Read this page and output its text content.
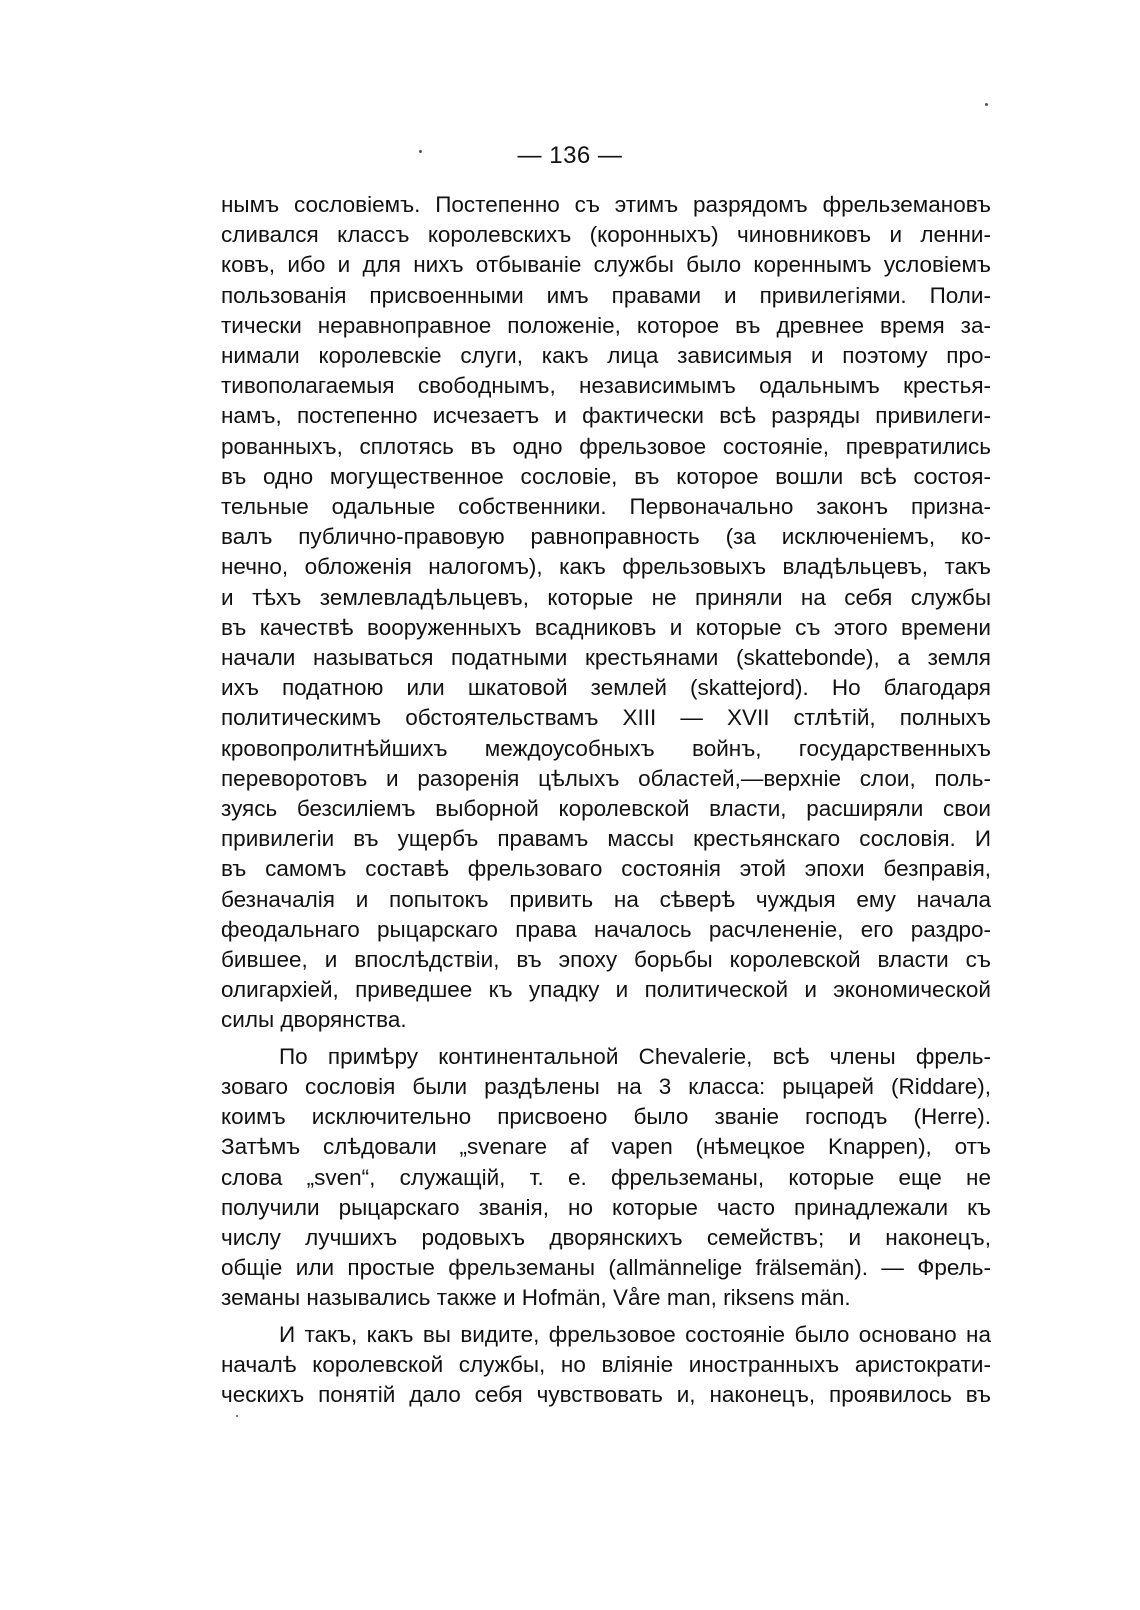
— 136 —
нымъ сословіемъ. Постепенно съ этимъ разрядомъ фрельземановъ
сливался классъ королевскихъ (коронныхъ) чиновниковъ и ленни-
ковъ, ибо и для нихъ отбываніе службы было кореннымъ условіемъ
пользованія присвоенными имъ правами и привилегіями. Поли-
тически неравноправное положеніе, которое въ древнее время за-
нимали королевскіе слуги, какъ лица зависимыя и поэтому про-
тивополагаемыя свободнымъ, независимымъ одальнымъ крестья-
намъ, постепенно исчезаетъ и фактически всѣ разряды привилеги-
рованныхъ, сплотясь въ одно фрельзовое состояніе, превратились
въ одно могущественное сословіе, въ которое вошли всѣ состоя-
тельные одальные собственники. Первоначально законъ призна-
валъ публично-правовую равноправность (за исключеніемъ, ко-
нечно, обложенія налогомъ), какъ фрельзовыхъ владѣльцевъ, такъ
и тѣхъ землевладѣльцевъ, которые не приняли на себя службы
въ качествѣ вооруженныхъ всадниковъ и которые съ этого времени
начали называться податными крестьянами (skattebonde), а земля
ихъ податною или шкатовой землей (skattejord). Но благодаря
политическимъ обстоятельствамъ XIII — XVII стлѣтій, полныхъ
кровопролитнѣйшихъ междоусобныхъ войнъ, государственныхъ
переворотовъ и разоренія цѣлыхъ областей,—верхніе слои, поль-
зуясь безсиліемъ выборной королевской власти, расширяли свои
привилегіи въ ущербъ правамъ массы крестьянскаго сословія. И
въ самомъ составѣ фрельзоваго состоянія этой эпохи безправія,
безначалія и попытокъ привить на сѣверѣ чуждыя ему начала
феодальнаго рыцарскаго права началось расчлененіе, его раздро-
бившее, и впослѣдствіи, въ эпоху борьбы королевской власти съ
олигархіей, приведшее къ упадку и политической и экономической
силы дворянства.
По примѣру континентальной Chevalerie, всѣ члены фрель-
зоваго сословія были раздѣлены на 3 класса: рыцарей (Riddare),
коимъ исключительно присвоено было званіе господъ (Herre).
Затѣмъ слѣдовали „svenare af vapen (нѣмецкое Knappen), отъ
слова „sven“, служащій, т. е. фрельземаны, которые еще не
получили рыцарскаго званія, но которые часто принадлежали къ
числу лучшихъ родовыхъ дворянскихъ семействъ; и наконецъ,
общіе или простые фрельземаны (allmännelige frälsemän). — Фрель-
земаны назывались также и Hofmän, Våre man, riksens män.
И такъ, какъ вы видите, фрельзовое состояніе было основано на
началѣ королевской службы, но вліяніе иностранныхъ аристократи-
ческихъ понятій дало себя чувствовать и, наконецъ, проявилось въ
